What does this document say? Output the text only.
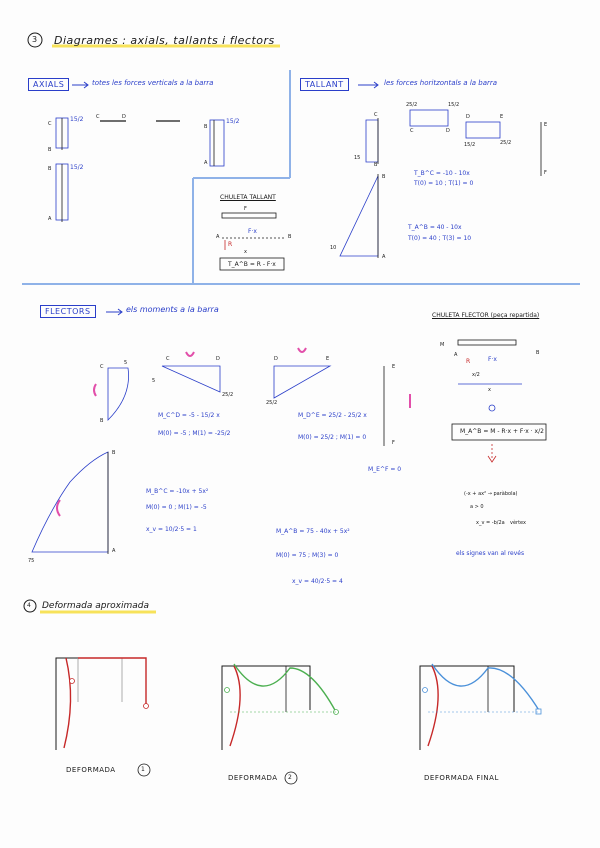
3 Diagrames : axials, tallants i flectors
AXIALS	totes les forces verticals a la barra
C
B
B
A
C	D
B
A
15/2
15/2
15/2
CHULETA TALLANT
F
R
F·x
x
A	B
T_A^B = R - F·x
TALLANT	les forces horitzontals a la barra
25/2	15/2
15/2	25/2
15
10
T_B^C = -10 - 10x
T(0) = 10 ; T(1) = 0
T_A^B = 40 - 10x
T(0) = 40 ; T(3) = 10
C
B
B
A
C	D
D	E
E
F
FLECTORS	els moments a la barra
5
5
25/2
25/2
75
C
B
C	D	D	E
E
F
B
A
M_C^D = -5 - 15/2 x
M(0) = -5 ; M(1) = -25/2
M_D^E = 25/2 - 25/2 x
M(0) = 25/2 ; M(1) = 0
M_E^F = 0
M_B^C = -10x + 5x²
M(0) = 0 ; M(1) = -5
x_v = 10/2·5 = 1	M_A^B = 75 - 40x + 5x²
M(0) = 75 ; M(3) = 0
x_v = 40/2·5 = 4
CHULETA FLECTOR (peça repartida)
M
R	F·x
x/2
x
A	B
M_A^B = M - R·x + F·x · x/2
(-x + ax² → paràbola)
a > 0
x_v = -b/2a vèrtex
els signes van al revés
4 Deformada aproximada
DEFORMADA	1
DEFORMADA 2	DEFORMADA FINAL
